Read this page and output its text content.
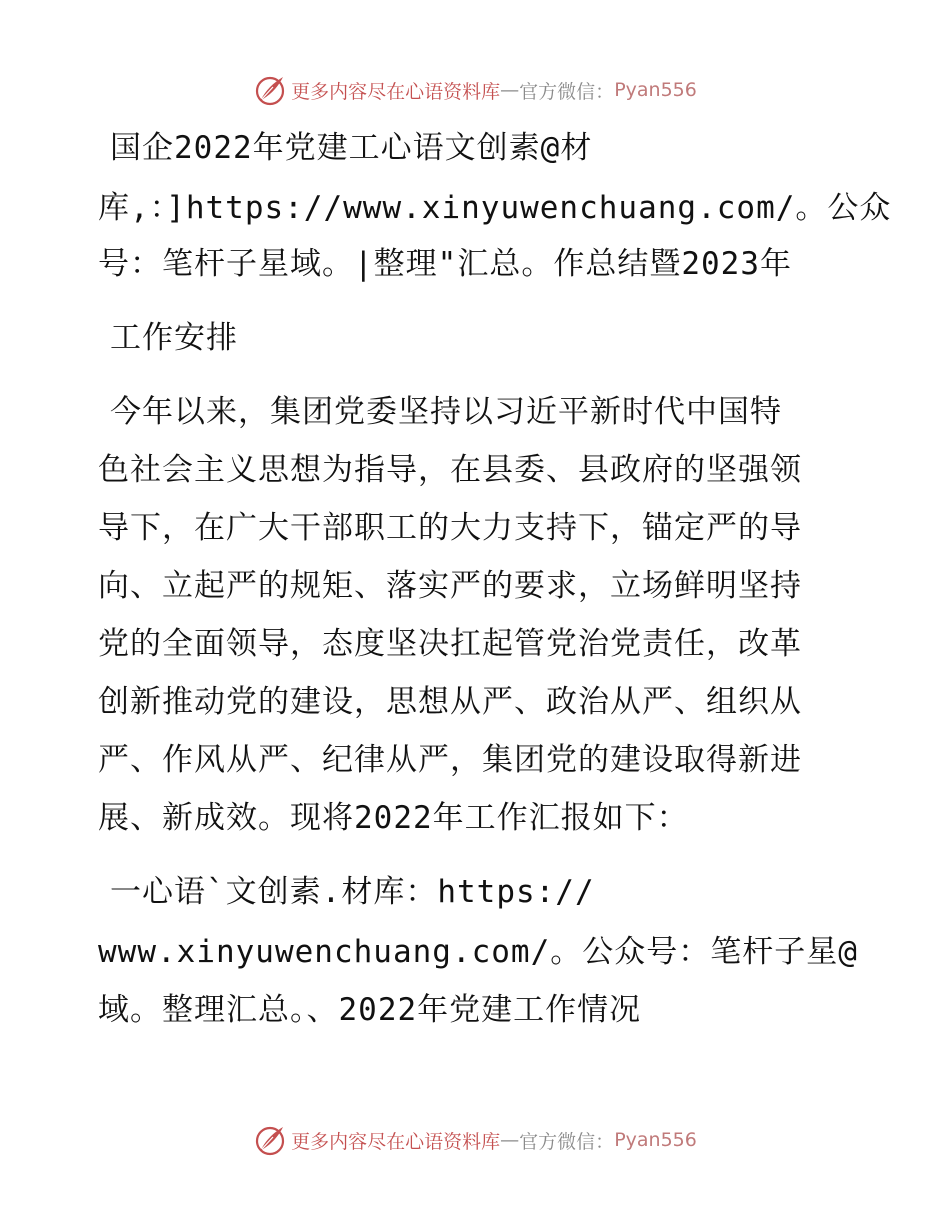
更多内容尽在心语资料库 — 官方微信： Pyan556
国企2022年党建工心语文创素@材
库,：]https://www.xinyuwenchuang.com/。公众
号：笔杆子星域。|整理"汇总。作总结暨2023年
工作安排
今年以来，集团党委坚持以习近平新时代中国特
色社会主义思想为指导，在县委、县政府的坚强领
导下，在广大干部职工的大力支持下，锚定严的导
向、立起严的规矩、落实严的要求，立场鲜明坚持
党的全面领导，态度坚决扛起管党治党责任，改革
创新推动党的建设，思想从严、政治从严、组织从
严、作风从严、纪律从严，集团党的建设取得新进
展、新成效。现将2022年工作汇报如下：
一心语`文创素.材库：https://
www.xinyuwenchuang.com/。公众号：笔杆子星@
域。整理汇总。、2022年党建工作情况
更多内容尽在心语资料库 — 官方微信： Pyan556
